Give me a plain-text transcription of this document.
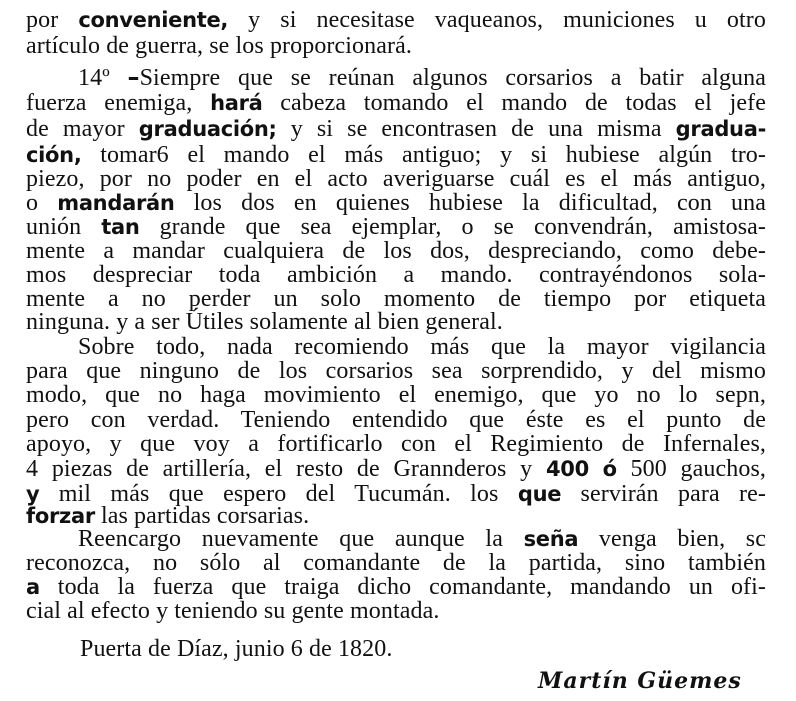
por conveniente, y si necesitase vaqueanos, municiones u otro
artículo de guerra, se los proporcionará.
14º –Siempre que se reúnan algunos corsarios a batir alguna
fuerza enemiga, hará cabeza tomando el mando de todas el jefe
de mayor graduación; y si se encontrasen de una misma gradua-
ción, tomar6 el mando el más antiguo; y si hubiese algún tro-
piezo, por no poder en el acto averiguarse cuál es el más antiguo,
o mandarán los dos en quienes hubiese la dificultad, con una
unión tan grande que sea ejemplar, o se convendrán, amistosa-
mente a mandar cualquiera de los dos, despreciando, como debe-
mos despreciar toda ambición a mando. contrayéndonos sola-
mente a no perder un solo momento de tiempo por etiqueta
ninguna. y a ser Útiles solamente al bien general.
Sobre todo, nada recomiendo más que la mayor vigilancia
para que ninguno de los corsarios sea sorprendido, y del mismo
modo, que no haga movimiento el enemigo, que yo no lo sepn,
pero con verdad. Teniendo entendido que éste es el punto de
apoyo, y que voy a fortificarlo con el Regimiento de Infernales,
4 piezas de artillería, el resto de Grannderos y 400 ó 500 gauchos,
y mil más que espero del Tucumán. los que servirán para re-
forzar las partidas corsarias.
Reencargo nuevamente que aunque la seña venga bien, sc
reconozca, no sólo al comandante de la partida, sino también
a toda la fuerza que traiga dicho comandante, mandando un ofi-
cial al efecto y teniendo su gente montada.
Puerta de Díaz, junio 6 de 1820.
Martín Güemes
